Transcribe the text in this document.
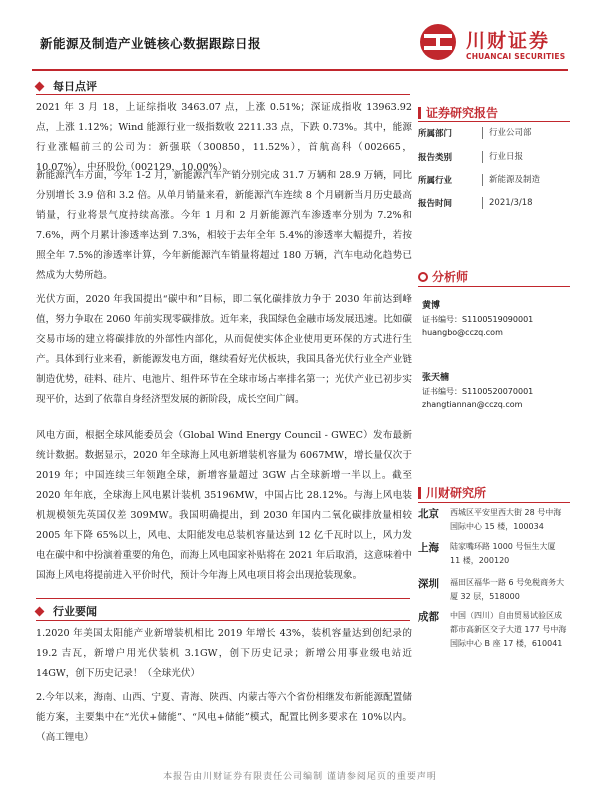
新能源及制造产业链核心数据跟踪日报	川财证券
CHUANCAI SECURITIES
每日点评
2021 年 3 月 18，上证综指收 3463.07 点，上涨 0.51%；深证成指收 13963.92 点，上涨 1.12%；Wind 能源行业一级指数收 2211.33 点，下跌 0.73%。其中，能源行业涨幅前三的公司为：新强联（300850，11.52%），首航高科（002665，10.07%），中环股份（002129，10.00%）。
新能源汽车方面，今年 1-2 月，新能源汽车产销分别完成 31.7 万辆和 28.9 万辆，同比分别增长 3.9 倍和 3.2 倍。从单月销量来看，新能源汽车连续 8 个月刷新当月历史最高销量，行业将景气度持续高涨。今年 1 月和 2 月新能源汽车渗透率分别为 7.2%和 7.6%，两个月累计渗透率达到 7.3%，相较于去年全年 5.4%的渗透率大幅提升，若按照全年 7.5%的渗透率计算，今年新能源汽车销量将超过 180 万辆，汽车电动化趋势已然成为大势所趋。
光伏方面，2020 年我国提出“碳中和”目标，即二氧化碳排放力争于 2030 年前达到峰值，努力争取在 2060 年前实现零碳排放。近年来，我国绿色金融市场发展迅速。比如碳交易市场的建立将碳排放的外部性内部化，从而促使实体企业使用更环保的方式进行生产。具体到行业来看，新能源发电方面，继续看好光伏板块，我国具备光伏行业全产业链制造优势，硅料、硅片、电池片、组件环节在全球市场占率排名第一；光伏产业已初步实现平价，达到了依靠自身经济型发展的新阶段，成长空间广阔。
风电方面，根据全球风能委员会（Global Wind Energy Council - GWEC）发布最新统计数据。数据显示，2020 年全球海上风电新增装机容量为 6067MW，增长量仅次于 2019 年；中国连续三年领跑全球，新增容量超过 3GW 占全球新增一半以上。截至 2020 年年底，全球海上风电累计装机 35196MW，中国占比 28.12%。与海上风电装机规模领先英国仅差 309MW。我国明确提出，到 2030 年国内二氧化碳排放量相较 2005 年下降 65%以上，风电、太阳能发电总装机容量达到 12 亿千瓦时以上，风力发电在碳中和中扮演着重要的角色，而海上风电国家补贴将在 2021 年后取消，这意味着中国海上风电将提前进入平价时代，预计今年海上风电项目将会出现抢装现象。
行业要闻
1.2020 年美国太阳能产业新增装机相比 2019 年增长 43%，装机容量达到创纪录的 19.2 吉瓦，新增户用光伏装机 3.1GW，创下历史记录；新增公用事业级电站近 14GW，创下历史记录！（全球光伏）
2.今年以来，海南、山西、宁夏、青海、陕西、内蒙古等六个省份相继发布新能源配置储能方案，主要集中在“光伏+储能”、“风电+储能”模式，配置比例多要求在 10%以内。（高工锂电）
证券研究报告
所属部门	行业公司部
报告类别	行业日报
所属行业	新能源及制造
报告时间	2021/3/18
分析师
黄博
证书编号：S1100519090001
huangbo@cczq.com
张天楠
证书编号：S1100520070001
zhangtiannan@cczq.com
川财研究所
北京 西城区平安里西大街 28 号中海国际中心 15 楼，100034
上海 陆家嘴环路 1000 号恒生大厦 11 楼，200120
深圳 福田区福华一路 6 号免税商务大厦 32 层，518000
成都 中国（四川）自由贸易试验区成都市高新区交子大道 177 号中海国际中心 B 座 17 楼，610041
本报告由川财证券有限责任公司编制 谨请参阅尾页的重要声明
